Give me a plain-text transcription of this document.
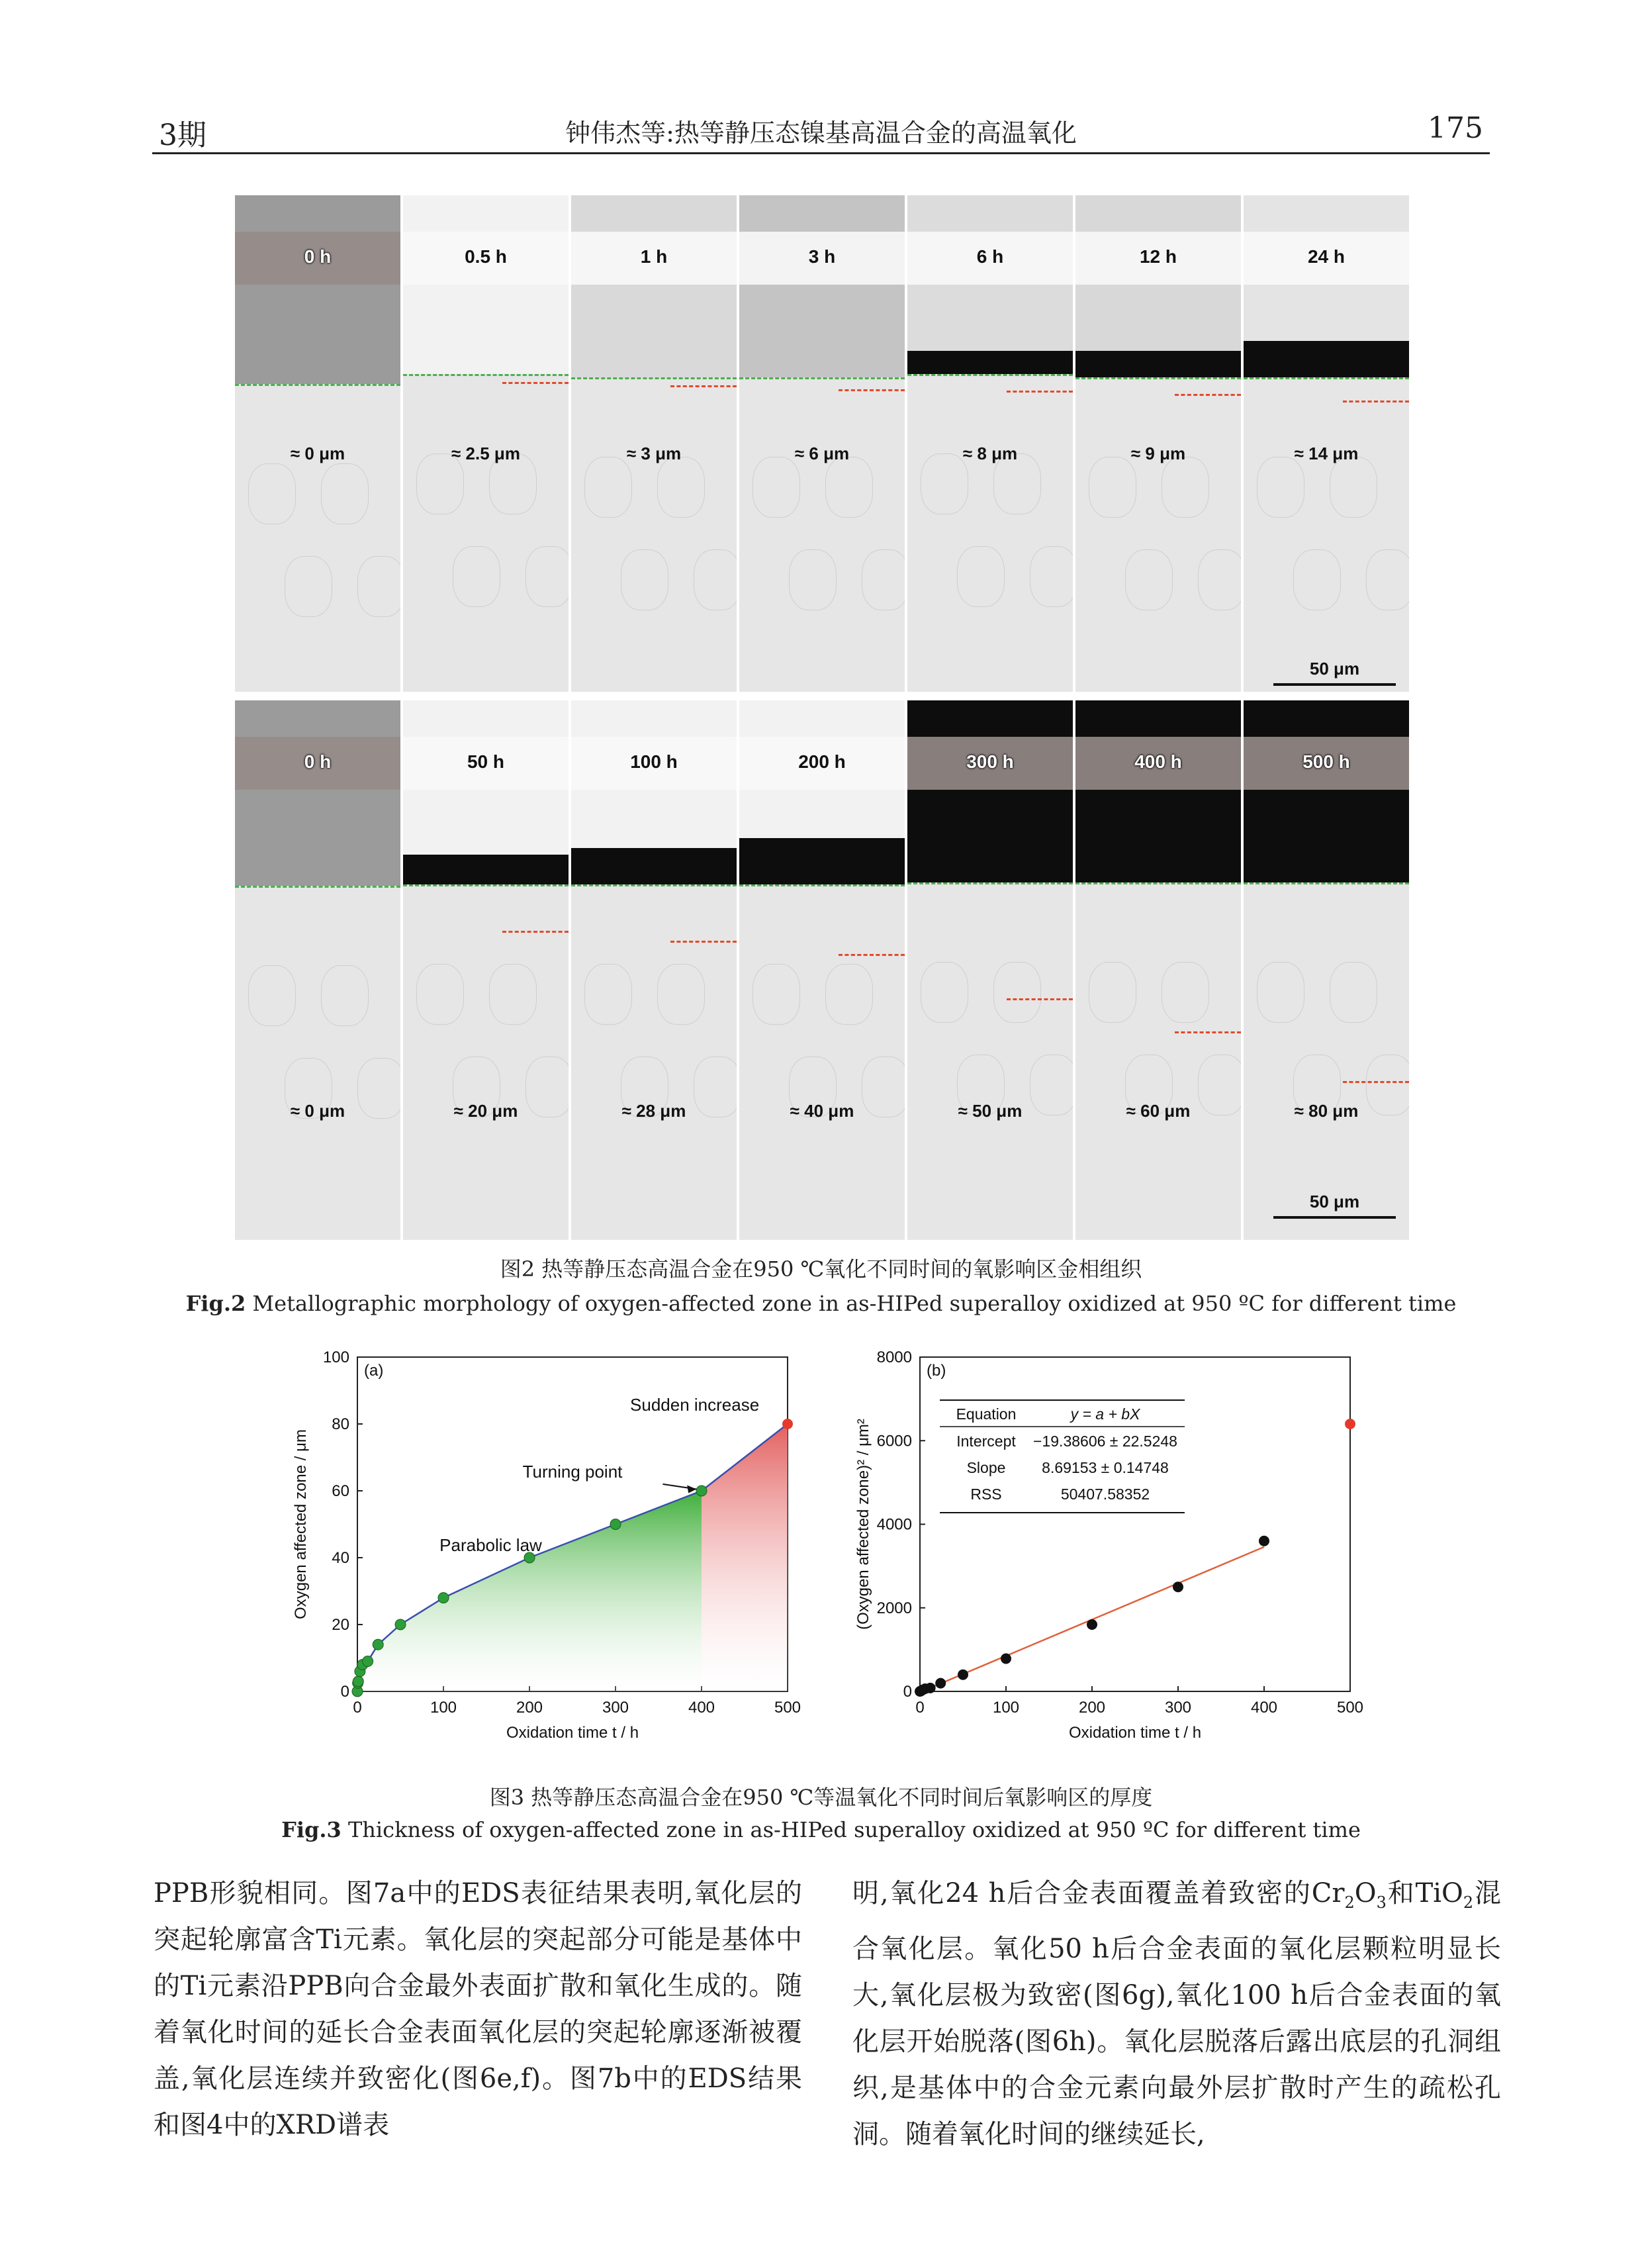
3期	钟伟杰等:热等静压态镍基高温合金的高温氧化	175
0 h
≈ 0 μm
0.5 h
≈ 2.5 μm
1 h
≈ 3 μm
3 h
≈ 6 μm
6 h
≈ 8 μm
12 h
≈ 9 μm
24 h
≈ 14 μm
50 μm
0 h
≈ 0 μm
50 h
≈ 20 μm
100 h
≈ 28 μm
200 h
≈ 40 μm
300 h
≈ 50 μm
400 h
≈ 60 μm
500 h
≈ 80 μm
50 μm
图2 热等静压态高温合金在950 ℃氧化不同时间的氧影响区金相组织
Fig.2 Metallographic morphology of oxygen-affected zone in as-HIPed superalloy oxidized at 950 ºC for different time
0	100	200	300	400	500
0
20
40
60
80
100
(a)
Oxidation time t / h
Oxygen affected zone / μm	Parabolic law
Turning point
Sudden increase
0	100	200	300	400	500
0
2000
4000
6000
8000
(b)
Oxidation time t / h
(Oxygen affected zone)² / μm²
Equation	y = a + bX
Intercept −19.38606 ± 22.5248
Slope 8.69153 ± 0.14748
RSS	50407.58352
图3 热等静压态高温合金在950 ℃等温氧化不同时间后氧影响区的厚度
Fig.3 Thickness of oxygen-affected zone in as-HIPed superalloy oxidized at 950 ºC for different time
PPB形貌相同。图7a中的EDS表征结果表明,氧化层的突起轮廓富含Ti元素。氧化层的突起部分可能是基体中的Ti元素沿PPB向合金最外表面扩散和氧化生成的。随着氧化时间的延长合金表面氧化层的突起轮廓逐渐被覆盖,氧化层连续并致密化(图6e,f)。图7b中的EDS结果和图4中的XRD谱表
明,氧化24 h后合金表面覆盖着致密的$Cr_2O_3$和TiO$_2$混合氧化层。氧化50 h后合金表面的氧化层颗粒明显长大,氧化层极为致密(图6g),氧化100 h后合金表面的氧化层开始脱落(图6h)。氧化层脱落后露出底层的孔洞组织,是基体中的合金元素向最外层扩散时产生的疏松孔洞。随着氧化时间的继续延长,
